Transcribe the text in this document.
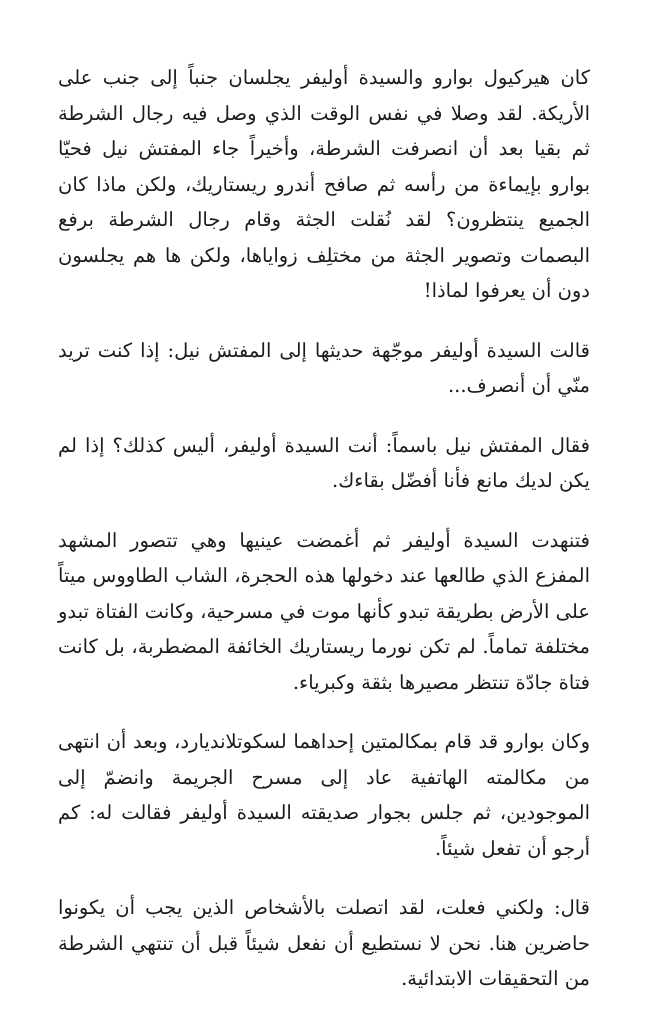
كان هيركيول بوارو والسيدة أوليفر يجلسان جنباً إلى جنب على الأريكة. لقد وصلا في نفس الوقت الذي وصل فيه رجال الشرطة ثم بقيا بعد أن انصرفت الشرطة، وأخيراً جاء المفتش نيل فحيّا بوارو بإيماءة من رأسه ثم صافح أندرو ريستاريك، ولكن ماذا كان الجميع ينتظرون؟ لقد نُقلت الجثة وقام رجال الشرطة برفع البصمات وتصوير الجثة من مختلِف زواياها، ولكن ها هم يجلسون دون أن يعرفوا لماذا!

قالت السيدة أوليفر موجّهة حديثها إلى المفتش نيل: إذا كنت تريد منّي أن أنصرف...

فقال المفتش نيل باسماً: أنت السيدة أوليفر، أليس كذلك؟ إذا لم يكن لديك مانع فأنا أفضّل بقاءك.

فتنهدت السيدة أوليفر ثم أغمضت عينيها وهي تتصور المشهد المفزع الذي طالعها عند دخولها هذه الحجرة، الشاب الطاووس ميتاً على الأرض بطريقة تبدو كأنها موت في مسرحية، وكانت الفتاة تبدو مختلفة تماماً. لم تكن نورما ريستاريك الخائفة المضطربة، بل كانت فتاة جادّة تنتظر مصيرها بثقة وكبرياء.

وكان بوارو قد قام بمكالمتين إحداهما لسكوتلانديارد، وبعد أن انتهى من مكالمته الهاتفية عاد إلى مسرح الجريمة وانضمّ إلى الموجودين، ثم جلس بجوار صديقته السيدة أوليفر فقالت له: كم أرجو أن تفعل شيئاً.

قال: ولكني فعلت، لقد اتصلت بالأشخاص الذين يجب أن يكونوا حاضرين هنا. نحن لا نستطيع أن نفعل شيئاً قبل أن تنتهي الشرطة من التحقيقات الابتدائية.
